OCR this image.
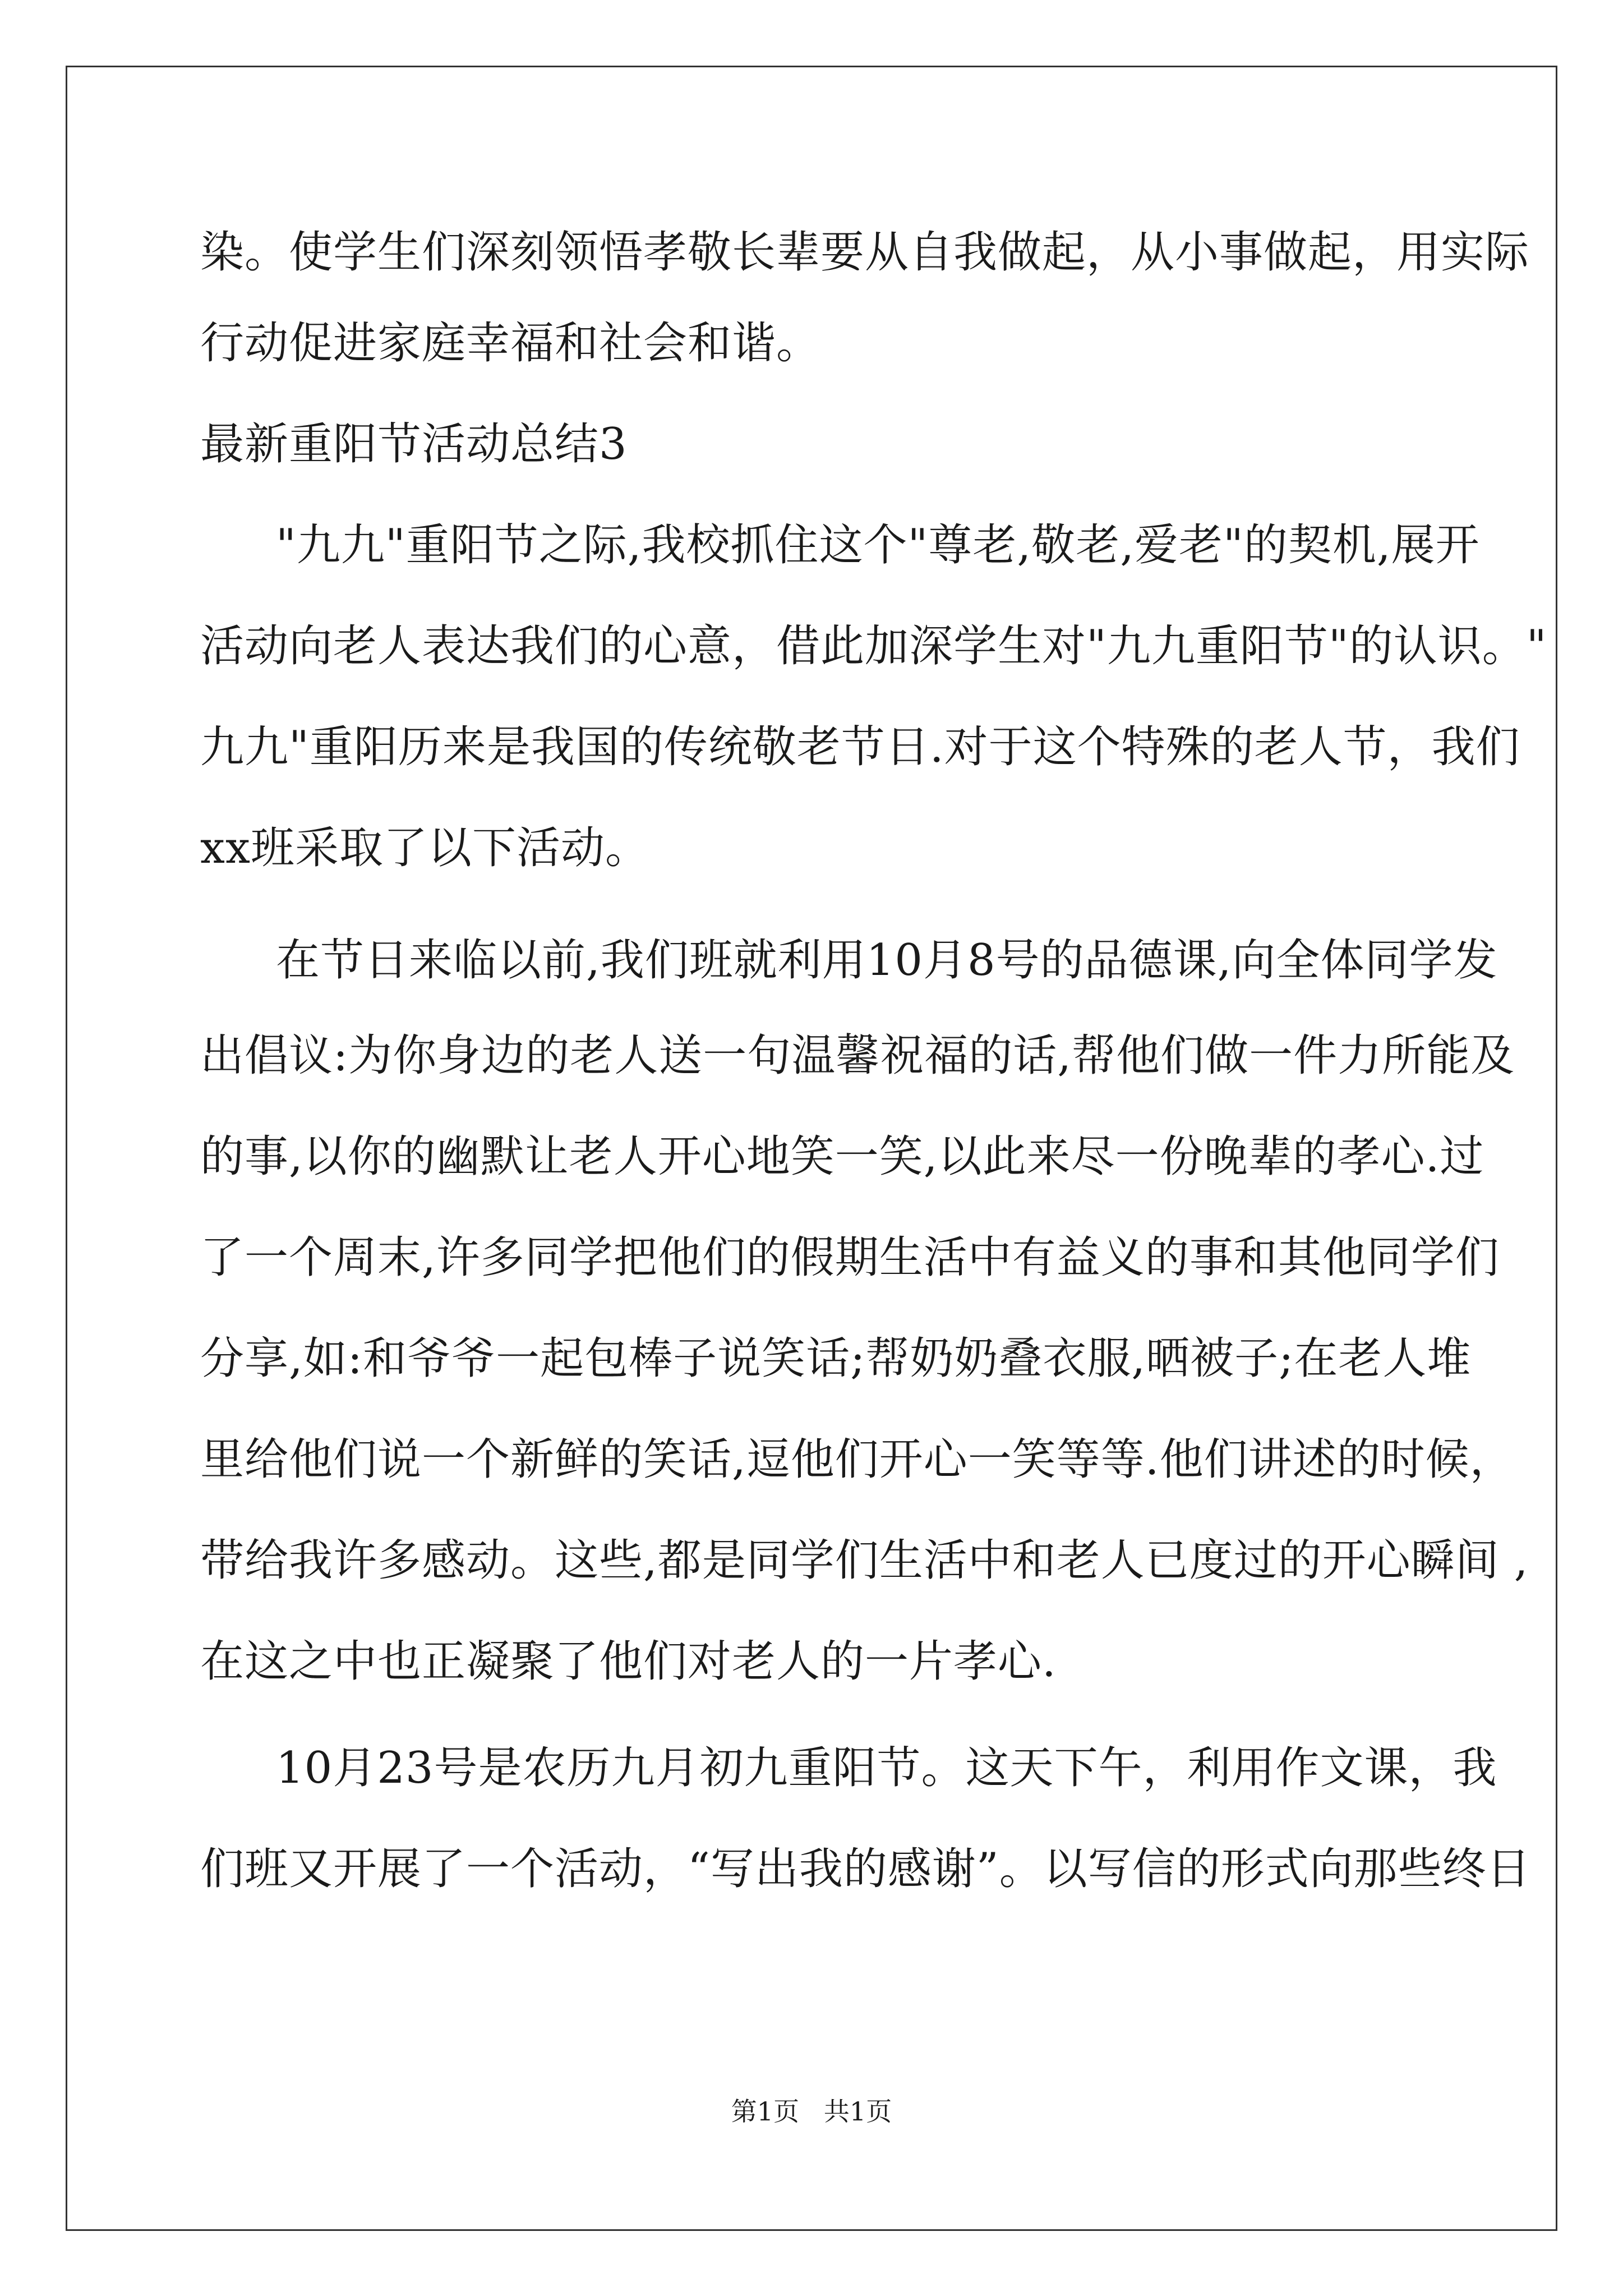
染。使学生们深刻领悟孝敬长辈要从自我做起，从小事做起，用实际
行动促进家庭幸福和社会和谐。
最新重阳节活动总结3
"九九"重阳节之际,我校抓住这个"尊老,敬老,爱老"的契机,展开
活动向老人表达我们的心意，借此加深学生对"九九重阳节"的认识。"
九九"重阳历来是我国的传统敬老节日.对于这个特殊的老人节，我们
xx班采取了以下活动。
在节日来临以前,我们班就利用10月8号的品德课,向全体同学发
出倡议:为你身边的老人送一句温馨祝福的话,帮他们做一件力所能及
的事,以你的幽默让老人开心地笑一笑,以此来尽一份晚辈的孝心.过
了一个周末,许多同学把他们的假期生活中有益义的事和其他同学们
分享,如:和爷爷一起包棒子说笑话;帮奶奶叠衣服,晒被子;在老人堆
里给他们说一个新鲜的笑话,逗他们开心一笑等等.他们讲述的时候，
带给我许多感动。这些,都是同学们生活中和老人已度过的开心瞬间 ,
在这之中也正凝聚了他们对老人的一片孝心.
10月23号是农历九月初九重阳节。这天下午，利用作文课，我
们班又开展了一个活动，“写出我的感谢”。以写信的形式向那些终日
第1页   共1页
